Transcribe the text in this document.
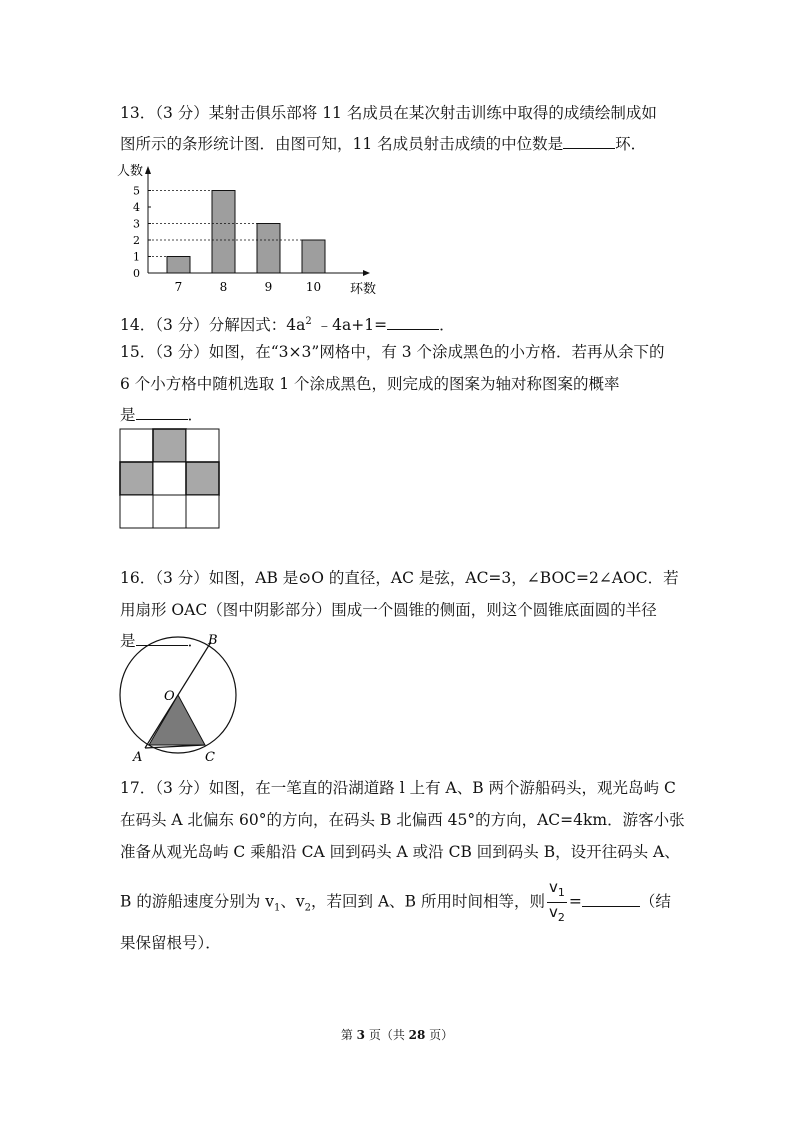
13．（3 分）某射击俱乐部将 11 名成员在某次射击训练中取得的成绩绘制成如
图所示的条形统计图．由图可知，11 名成员射击成绩的中位数是	环．
人数
环数
0
1
2
3
4
5
7	8	9	10
14．（3 分）分解因式：$4a^2$ ﹣4a+1=	．
15．（3 分）如图，在“3×3”网格中，有 3 个涂成黑色的小方格．若再从余下的
6 个小方格中随机选取 1 个涂成黑色，则完成的图案为轴对称图案的概率
是	．
16．（3 分）如图，AB 是⊙O 的直径，AC 是弦，AC=3，∠BOC=2∠AOC．若
用扇形 OAC（图中阴影部分）围成一个圆锥的侧面，则这个圆锥底面圆的半径
是	． B
O
A	C
17．（3 分）如图，在一笔直的沿湖道路 l 上有 A、B 两个游船码头，观光岛屿 C
在码头 A 北偏东 60°的方向，在码头 B 北偏西 45°的方向，AC=4km．游客小张
准备从观光岛屿 C 乘船沿 CA 回到码头 A 或沿 CB 回到码头 B，设开往码头 A、
B 的游船速度分别为 $v_1$、$v_2$，若回到 A、B 所用时间相等，则 $\frac{v_1}{v_2}$ =	（结
果保留根号）．
第 3 页（共 28 页）
